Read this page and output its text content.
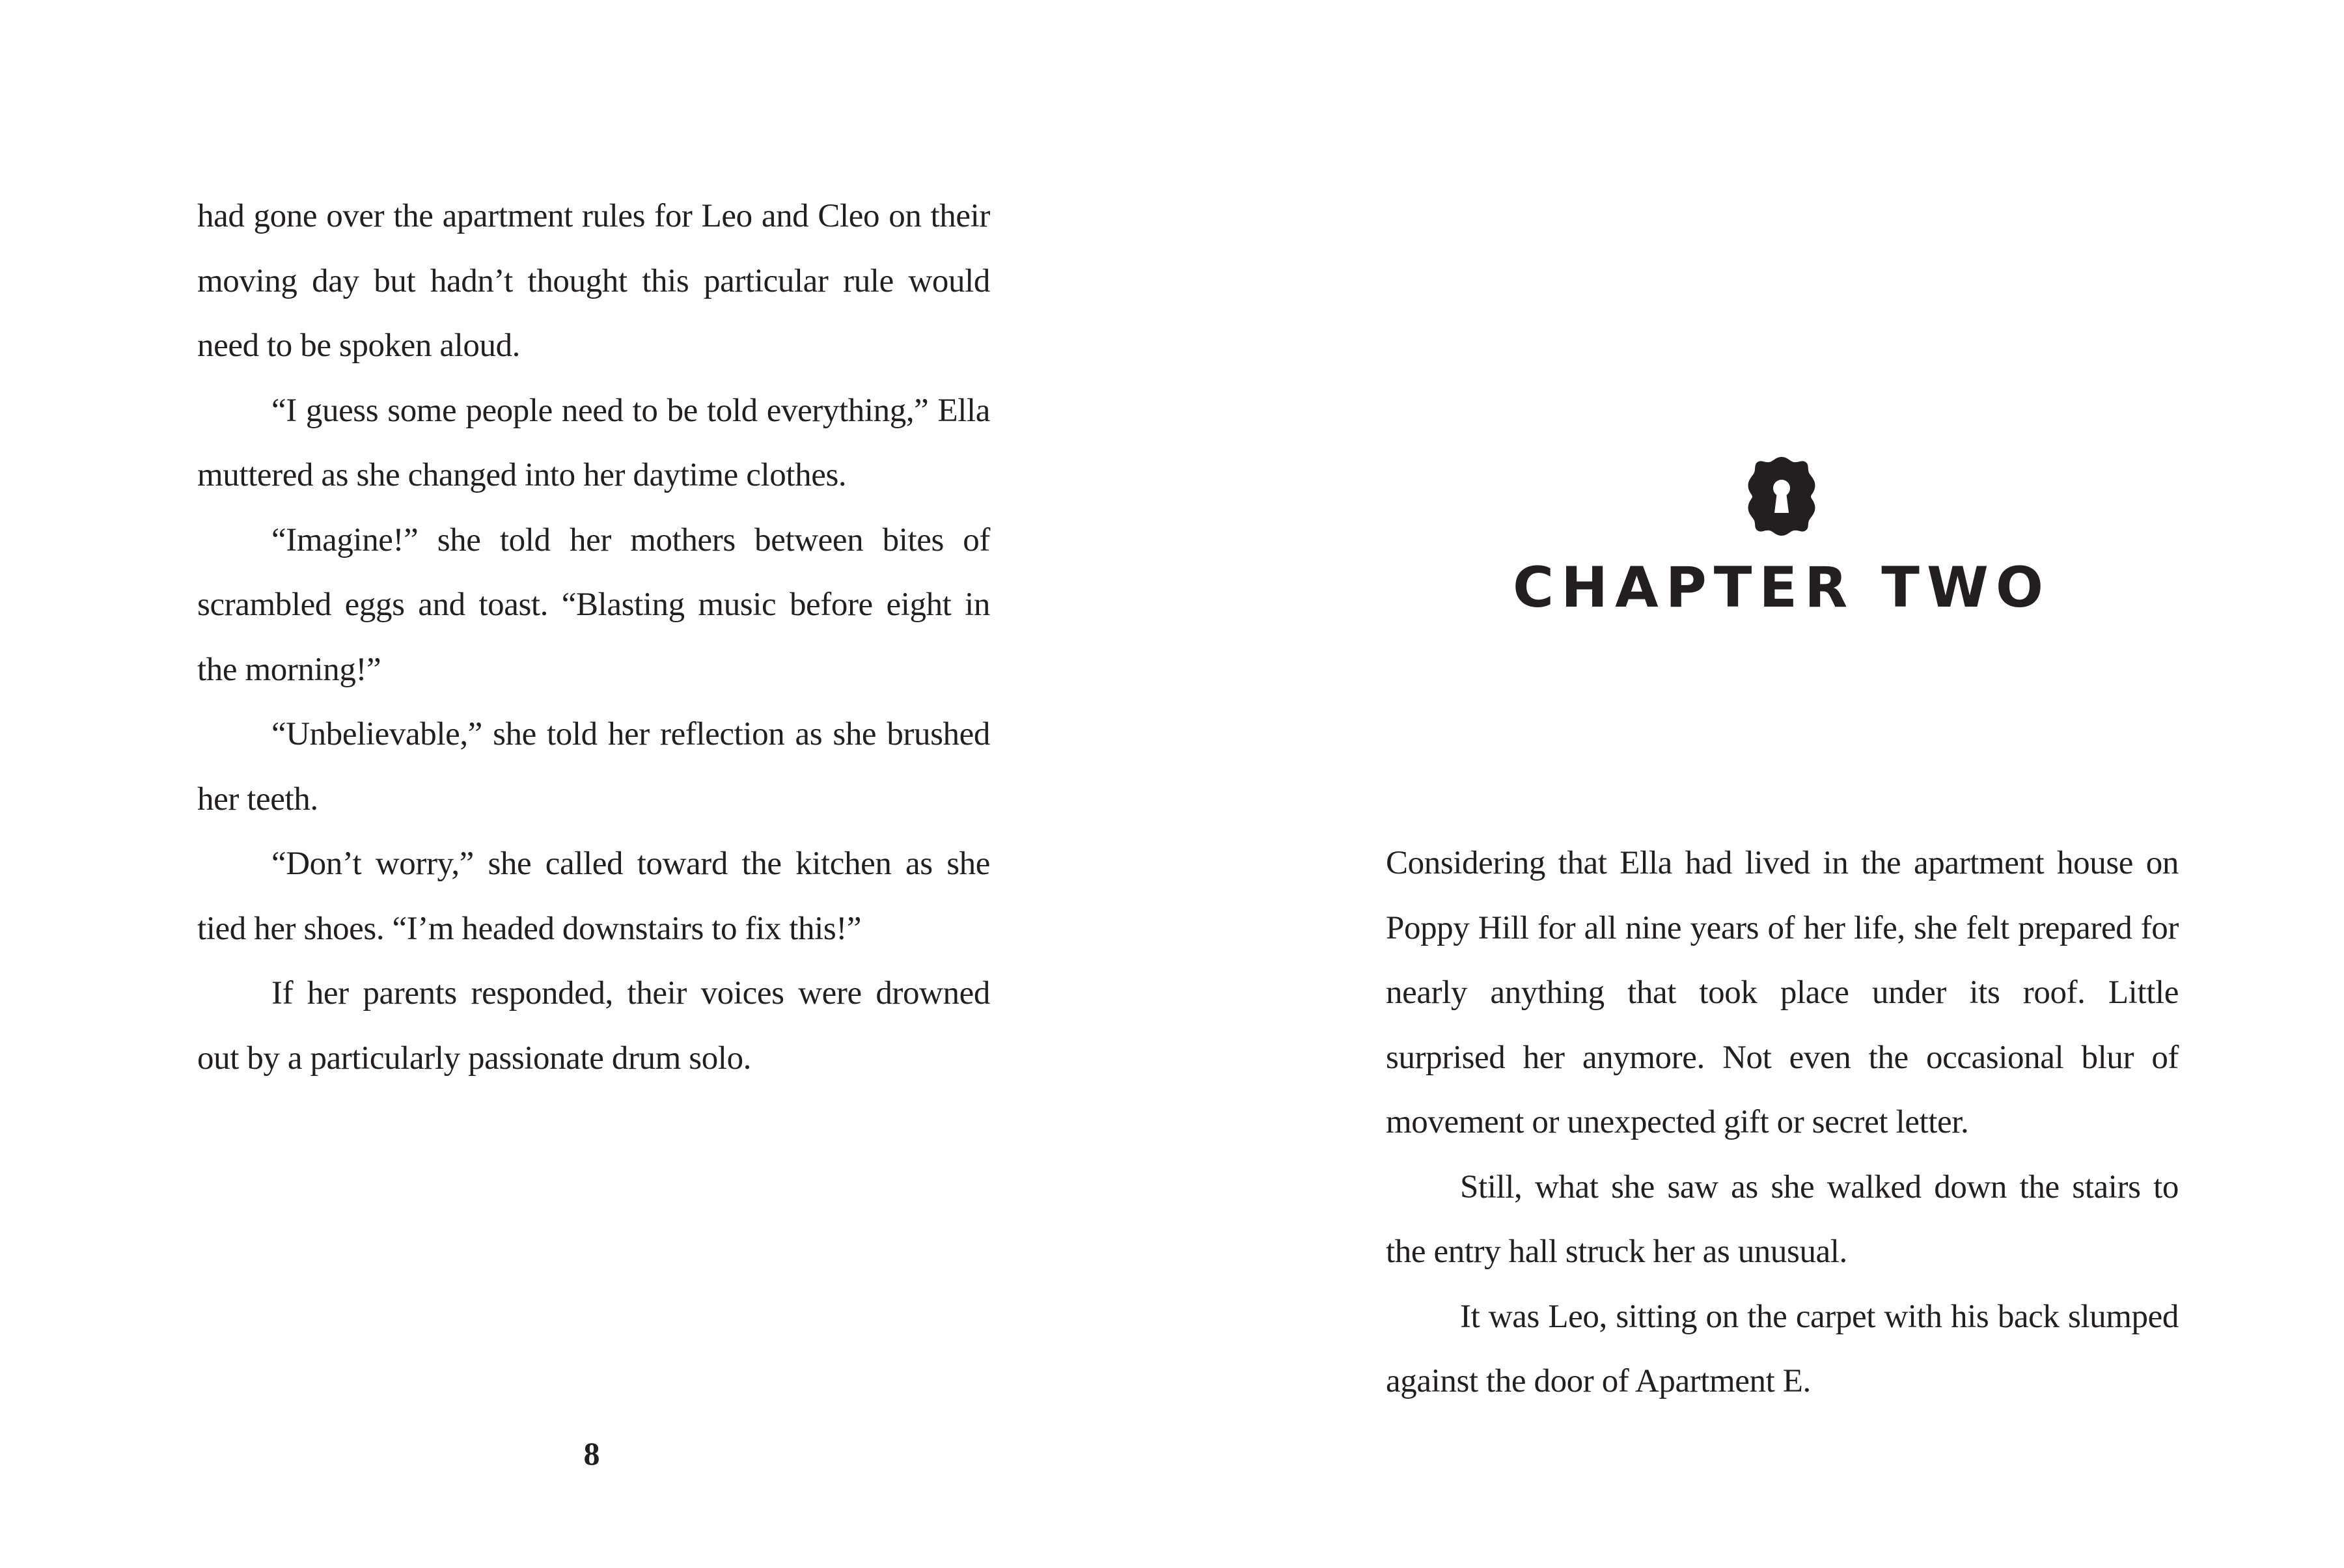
had gone over the apartment rules for Leo and Cleo on their moving day but hadn’t thought this particular rule would need to be spoken aloud.

“I guess some people need to be told everything,” Ella muttered as she changed into her daytime clothes.

“Imagine!” she told her mothers between bites of scrambled eggs and toast. “Blasting music before eight in the morning!”

“Unbelievable,” she told her reflection as she brushed her teeth.

“Don’t worry,” she called toward the kitchen as she tied her shoes. “I’m headed downstairs to fix this!”

If her parents responded, their voices were drowned out by a particularly passionate drum solo.

8
CHAPTER TWO

Considering that Ella had lived in the apartment house on Poppy Hill for all nine years of her life, she felt prepared for nearly anything that took place under its roof. Little surprised her anymore. Not even the occasional blur of movement or unexpected gift or secret letter.

Still, what she saw as she walked down the stairs to the entry hall struck her as unusual.

It was Leo, sitting on the carpet with his back slumped against the door of Apartment E.
